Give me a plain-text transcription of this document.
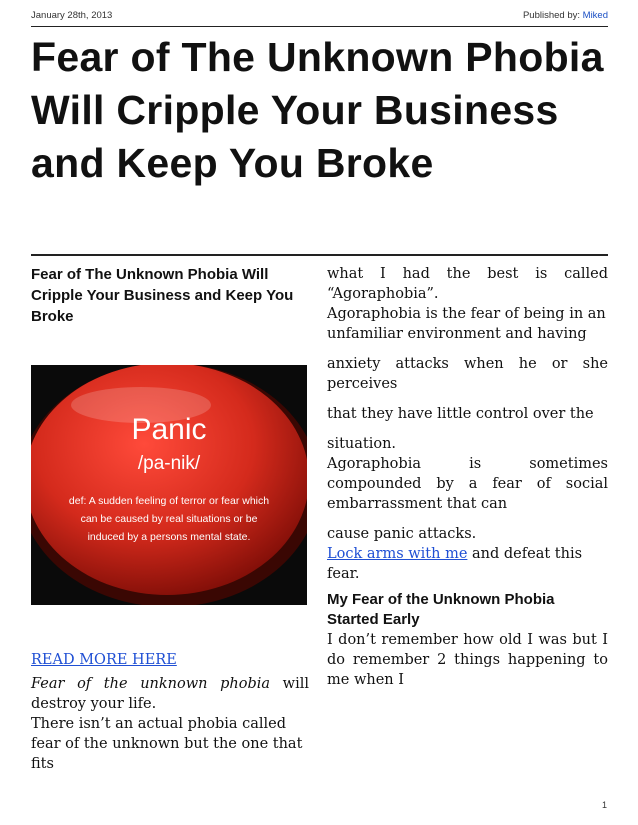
January 28th, 2013	Published by: Miked
Fear of The Unknown Phobia Will Cripple Your Business and Keep You Broke
Fear of The Unknown Phobia Will Cripple Your Business and Keep You Broke
Panic
/pa-nik/
def: A sudden feeling of terror or fear which can be caused by real situations or be induced by a persons mental state.
READ MORE HERE

Fear of the unknown phobia will destroy your life.

There isn’t an actual phobia called fear of the unknown but the one that fits

what I had the best is called “Agoraphobia”.

Agoraphobia is the fear of being in an unfamiliar environment and having

anxiety attacks when he or she perceives

that they have little control over the

situation.

Agoraphobia is sometimes compounded by a fear of social embarrassment that can

cause panic attacks.

Lock arms with me and defeat this fear.

My Fear of the Unknown Phobia Started Early

I don’t remember how old I was but I do remember 2 things happening to me when I

1
